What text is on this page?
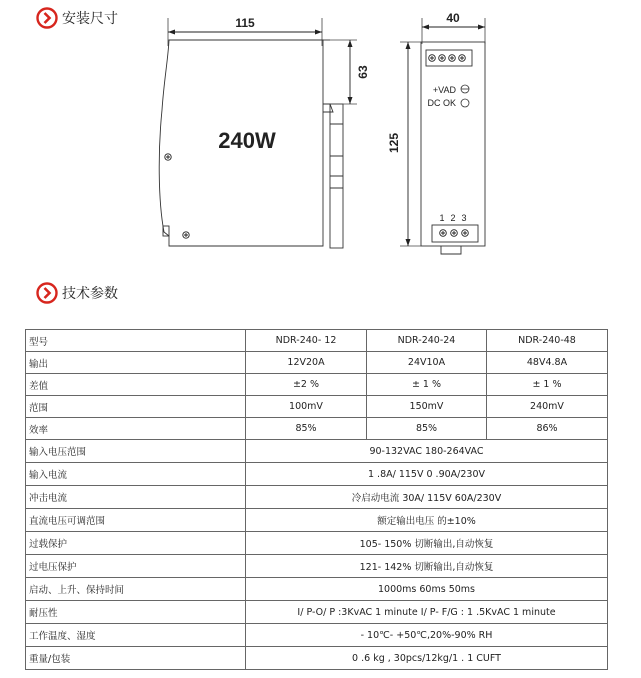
安装尺寸	115
240W
63
40
+VAD
DC OK
1 2 3
125
技术参数
型号	NDR-240- 12	NDR-240-24	NDR-240-48
输出	12V20A	24V10A	48V4.8A
差值	±2 %	± 1 %	± 1 %
范围	100mV	150mV	240mV
效率	85%	85%	86%
输入电压范围	90-132VAC 180-264VAC		
输入电流	1 .8A/ 115V 0 .90A/230V		
冲击电流	冷启动电流 30A/ 115V 60A/230V		
直流电压可调范围	额定输出电压 的±10%		
过载保护	105- 150% 切断输出,自动恢复		
过电压保护	121- 142% 切断输出,自动恢复		
启动、上升、保持时间	1000ms 60ms 50ms		
耐压性	I/ P-O/ P :3KvAC 1 minute I/ P- F/G : 1 .5KvAC 1 minute		
工作温度、湿度	- 10℃- +50℃,20%-90% RH		
重量/包装	0 .6 kg , 30pcs/12kg/1 . 1 CUFT		
